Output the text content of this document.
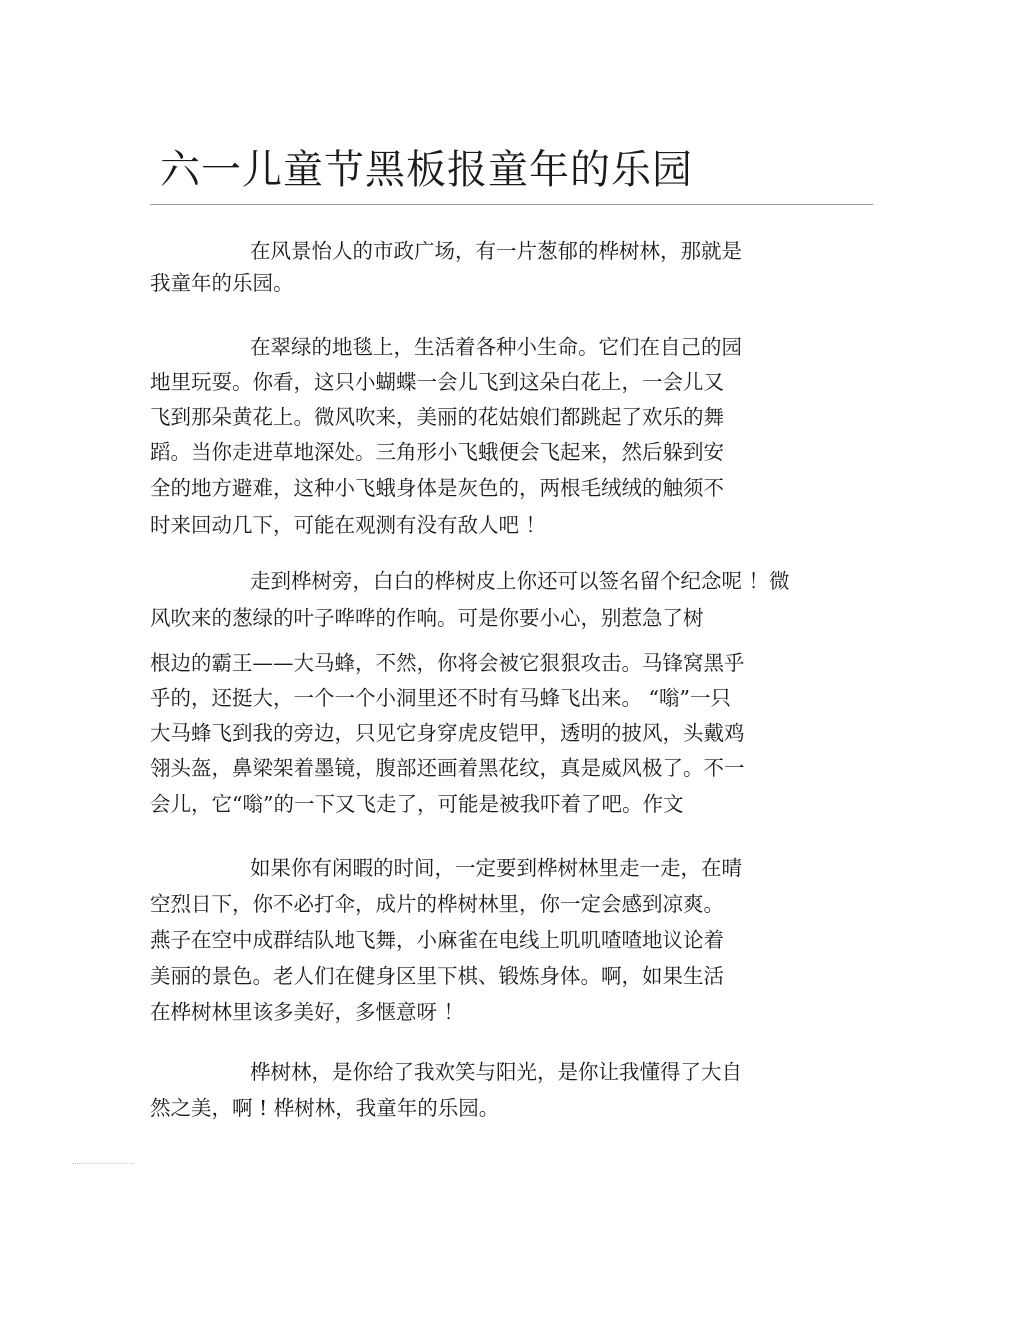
六一儿童节黑板报童年的乐园

在风景怡人的市政广场，有一片葱郁的桦树林，那就是

我童年的乐园。

在翠绿的地毯上，生活着各种小生命。它们在自己的园

地里玩耍。你看，这只小蝴蝶一会儿飞到这朵白花上，一会儿又

飞到那朵黄花上。微风吹来，美丽的花姑娘们都跳起了欢乐的舞

蹈。当你走进草地深处。三角形小飞蛾便会飞起来，然后躲到安

全的地方避难，这种小飞蛾身体是灰色的，两根毛绒绒的触须不

时来回动几下，可能在观测有没有敌人吧 ！

走到桦树旁，白白的桦树皮上你还可以签名留个纪念呢 ！微

风吹来的葱绿的叶子哗哗的作响。可是你要小心，别惹急了树

根边的霸王——大马蜂，不然，你将会被它狠狠攻击。马锋窝黑乎

乎的，还挺大，一个一个小洞里还不时有马蜂飞出来。 “嗡”一只

大马蜂飞到我的旁边，只见它身穿虎皮铠甲，透明的披风，头戴鸡

翎头盔，鼻梁架着墨镜，腹部还画着黑花纹，真是威风极了。不一

会儿，它“嗡”的一下又飞走了，可能是被我吓着了吧。作文

如果你有闲暇的时间，一定要到桦树林里走一走，在晴

空烈日下，你不必打伞，成片的桦树林里，你一定会感到凉爽。

燕子在空中成群结队地飞舞，小麻雀在电线上叽叽喳喳地议论着

美丽的景色。老人们在健身区里下棋、锻炼身体。啊，如果生活

在桦树林里该多美好，多惬意呀 ！

桦树林，是你给了我欢笑与阳光，是你让我懂得了大自

然之美，啊 ! 桦树林，我童年的乐园。
